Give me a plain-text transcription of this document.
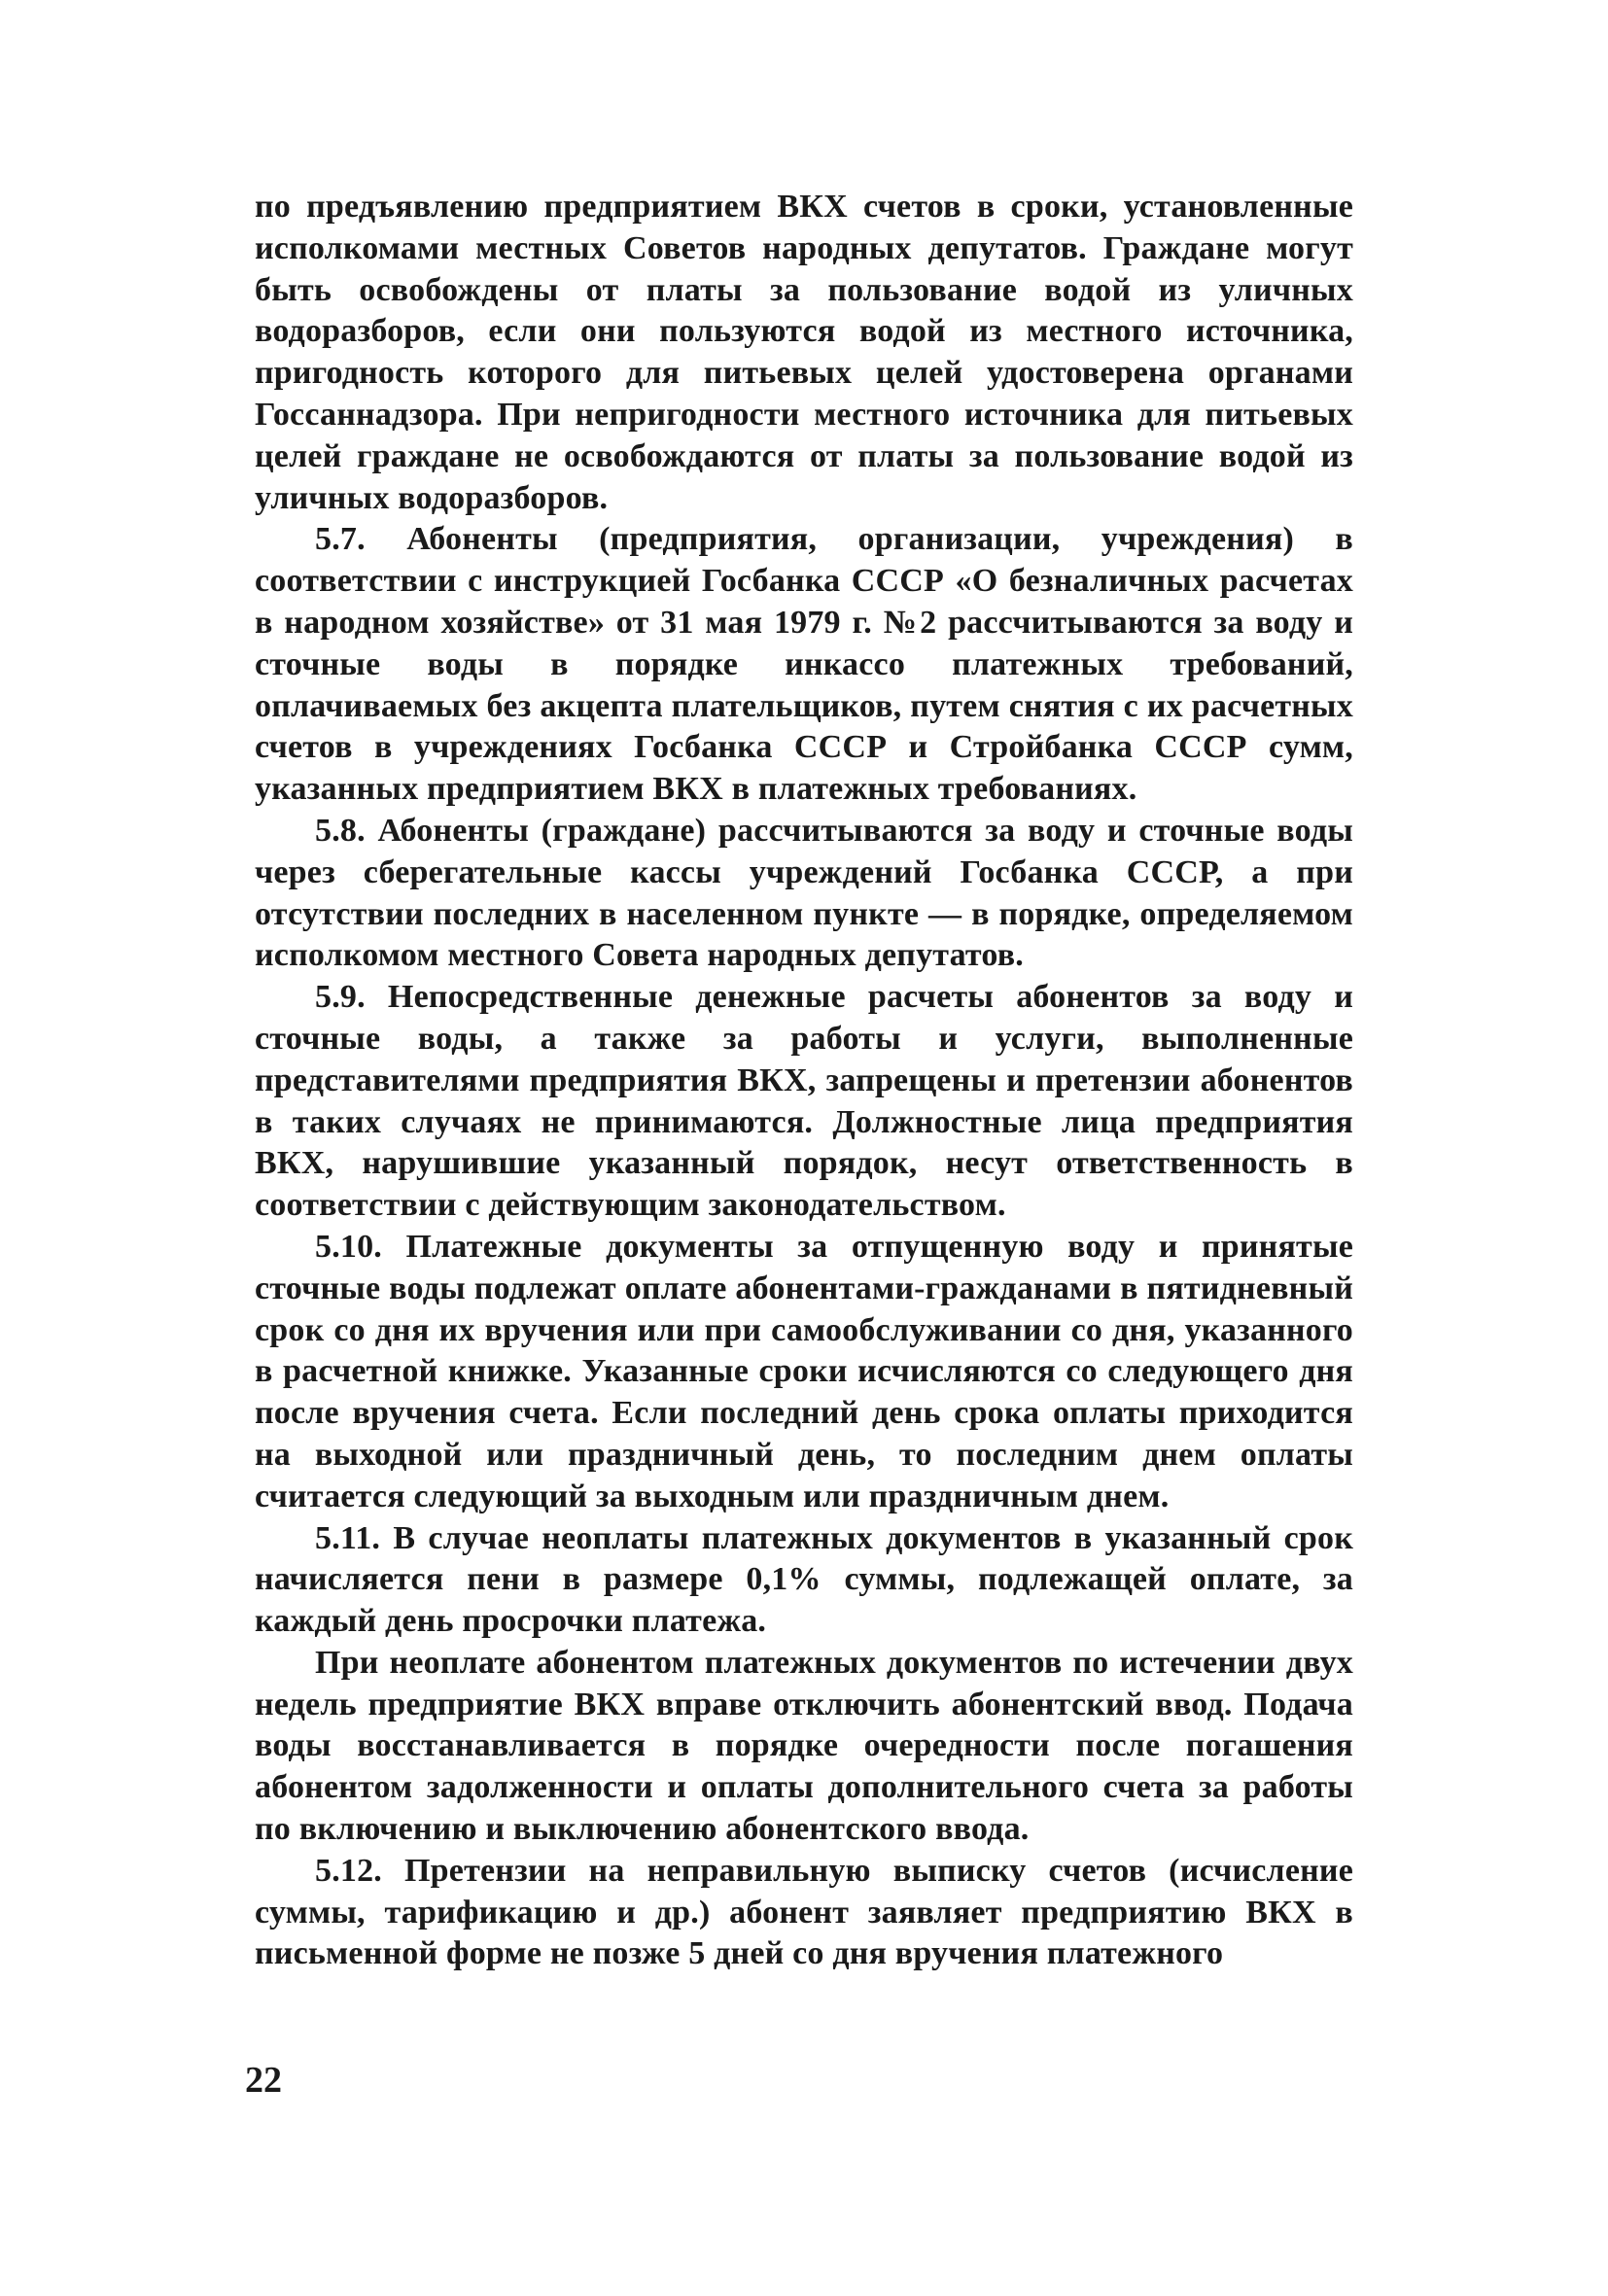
по предъявлению предприятием ВКХ счетов в сроки, установленные исполкомами местных Советов народных депутатов. Граждане могут быть освобождены от платы за пользование водой из уличных водоразборов, если они пользуются водой из местного источника, пригодность которого для питьевых целей удостоверена органами Госсаннадзора. При непригодности местного источника для питьевых целей граждане не освобождаются от платы за пользование водой из уличных водоразборов.

5.7. Абоненты (предприятия, организации, учреждения) в соответствии с инструкцией Госбанка СССР «О безналичных расчетах в народном хозяйстве» от 31 мая 1979 г. №2 рассчитываются за воду и сточные воды в порядке инкассо платежных требований, оплачиваемых без акцепта плательщиков, путем снятия с их расчетных счетов в учреждениях Госбанка СССР и Стройбанка СССР сумм, указанных предприятием ВКХ в платежных требованиях.

5.8. Абоненты (граждане) рассчитываются за воду и сточные воды через сберегательные кассы учреждений Госбанка СССР, а при отсутствии последних в населенном пункте — в порядке, определяемом исполкомом местного Совета народных депутатов.

5.9. Непосредственные денежные расчеты абонентов за воду и сточные воды, а также за работы и услуги, выполненные представителями предприятия ВКХ, запрещены и претензии абонентов в таких случаях не принимаются. Должностные лица предприятия ВКХ, нарушившие указанный порядок, несут ответственность в соответствии с действующим законодательством.

5.10. Платежные документы за отпущенную воду и принятые сточные воды подлежат оплате абонентами-гражданами в пятидневный срок со дня их вручения или при самообслуживании со дня, указанного в расчетной книжке. Указанные сроки исчисляются со следующего дня после вручения счета. Если последний день срока оплаты приходится на выходной или праздничный день, то последним днем оплаты считается следующий за выходным или праздничным днем.

5.11. В случае неоплаты платежных документов в указанный срок начисляется пени в размере 0,1% суммы, подлежащей оплате, за каждый день просрочки платежа.

При неоплате абонентом платежных документов по истечении двух недель предприятие ВКХ вправе отключить абонентский ввод. Подача воды восстанавливается в порядке очередности после погашения абонентом задолженности и оплаты дополнительного счета за работы по включению и выключению абонентского ввода.

5.12. Претензии на неправильную выписку счетов (исчисление суммы, тарификацию и др.) абонент заявляет предприятию ВКХ в письменной форме не позже 5 дней со дня вручения платежного

22
